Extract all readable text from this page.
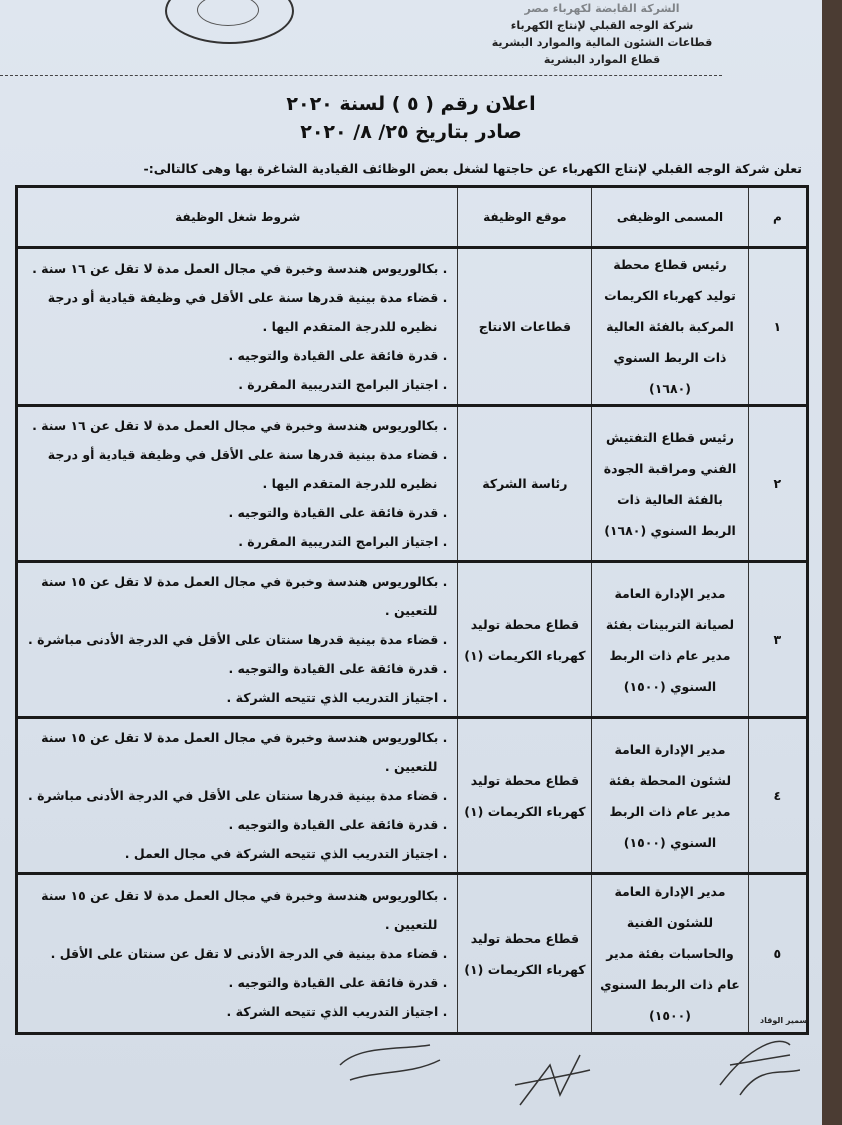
الشركة القابضة لكهرباء مصر
شركة الوجه القبلي لإنتاج الكهرباء
قطاعات الشئون المالية والموارد البشرية
قطاع الموارد البشرية
اعلان رقم ( ٥ ) لسنة ٢٠٢٠
صادر بتاريخ ٢٥/ ٨/ ٢٠٢٠
تعلن شركة الوجه القبلي لإنتاج الكهرباء عن حاجتها لشغل بعض الوظائف القيادية الشاغرة بها وهى كالتالى:-
م	المسمى الوظيفى	موقع الوظيفة	شروط شغل الوظيفة
١	رئيس قطاع محطة توليد كهرباء الكريمات المركبة بالفئة العالية ذات الربط السنوي (١٦٨٠)	قطاعات الانتاج	. بكالوريوس هندسة وخبرة في مجال العمل مدة لا تقل عن ١٦ سنة .
. قضاء مدة بينية قدرها سنة على الأقل في وظيفة قيادية أو درجة
نظيره للدرجة المتقدم اليها .
. قدرة فائقة على القيادة والتوجيه .
. اجتياز البرامج التدريبية المقررة .

٢	رئيس قطاع التفتيش الفني ومراقبة الجودة بالفئة العالية ذات الربط السنوي (١٦٨٠)	رئاسة الشركة	. بكالوريوس هندسة وخبرة في مجال العمل مدة لا تقل عن ١٦ سنة .
. قضاء مدة بينية قدرها سنة على الأقل في وظيفة قيادية أو درجة
نظيره للدرجة المتقدم اليها .
. قدرة فائقة على القيادة والتوجيه .
. اجتياز البرامج التدريبية المقررة .

٣	مدير الإدارة العامة لصيانة التربينات بفئة مدير عام ذات الربط السنوي (١٥٠٠)	قطاع محطة توليد كهرباء الكريمات (١)	. بكالوريوس هندسة وخبرة في مجال العمل مدة لا تقل عن ١٥ سنة
للتعيين .
. قضاء مدة بينية قدرها سنتان على الأقل في الدرجة الأدنى مباشرة .
. قدرة فائقة على القيادة والتوجيه .
. اجتياز التدريب الذي تتيحه الشركة .

٤	مدير الإدارة العامة لشئون المحطة بفئة مدير عام ذات الربط السنوي (١٥٠٠)	قطاع محطة توليد كهرباء الكريمات (١)	. بكالوريوس هندسة وخبرة في مجال العمل مدة لا تقل عن ١٥ سنة
للتعيين .
. قضاء مدة بينية قدرها سنتان على الأقل في الدرجة الأدنى مباشرة .
. قدرة فائقة على القيادة والتوجيه .
. اجتياز التدريب الذي تتيحه الشركة في مجال العمل .

٥	مدير الإدارة العامة للشئون الفنية والحاسبات بفئة مدير عام ذات الربط السنوي (١٥٠٠)	قطاع محطة توليد كهرباء الكريمات (١)	. بكالوريوس هندسة وخبرة في مجال العمل مدة لا تقل عن ١٥ سنة
للتعيين .
. قضاء مدة بينية في الدرجة الأدنى لا تقل عن سنتان على الأقل .
. قدرة فائقة على القيادة والتوجيه .
. اجتياز التدريب الذي تتيحه الشركة .
سمير الوقاد
